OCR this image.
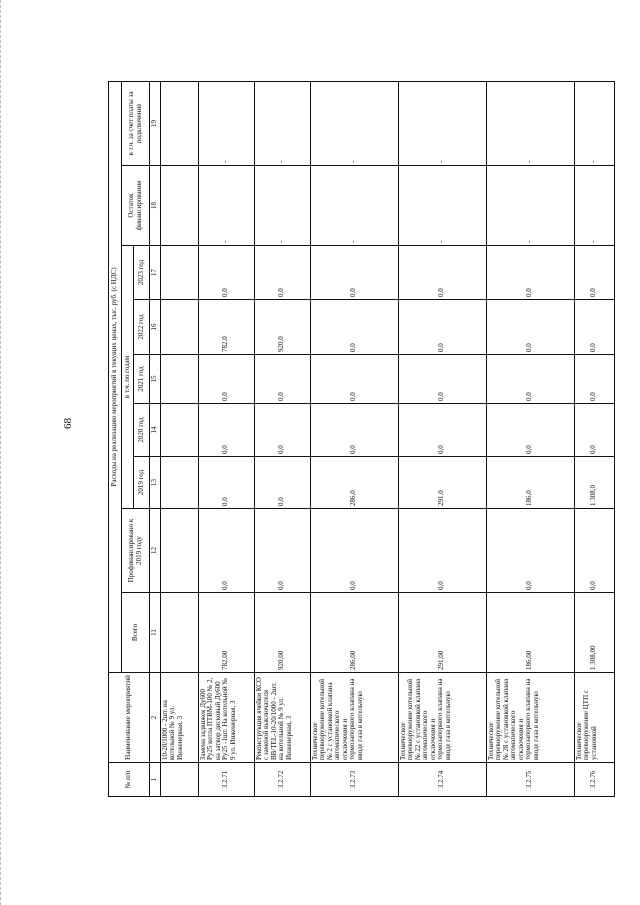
68
№ п/п	Наименование мероприятий	Расходы на реализацию мероприятий в текущих ценах, тыс. руб. (с НДС)								
		Всего	Профинансировано к 2019 году	в т.ч. по годам					Остаток финансирования	в т.ч. за счет платы за подключение
				2019 год	2020 год	2021 год	2022 год	2023 год		
1	2	11	12	13	14	15	16	17	18	19
	10-20/1000 - 2шт. на котельной № 9 ул. Инженерная, 3									
3.2.71	Замена задвижек Ду600 Ру25 котла ПТВМ-100 № 2, на затвор дисковый Ду600 Ру25 -1шт. На котельной № 9 ул. Инженерная, 3	782,00	0,0	0,0	0,0	0,0	782,0	0,0	-	-
3.2.72	Реконструкция ячейки КСО с заменой выключателя ВВ/TEL-10-20/1000 - 2шт. на котельной № 9 ул. Инженерная, 3	920,00	0,0	0,0	0,0	0,0	920,0	0,0	-	-
3.2.73	Техническое перевооружение котельной № 2 с установкой клапана автоматического отключения и термозапорного клапана на вводе газа в котельную	286,00	0,0	286,0	0,0	0,0	0,0	0,0	-	-
3.2.74	Техническое перевооружение котельной № 22 с установкой клапана автоматического отключения и термозапорного клапана на вводе газа в котельную	291,00	0,0	291,0	0,0	0,0	0,0	0,0	-	-
3.2.75	Техническое перевооружение котельной № 28 с установкой клапана автоматического отключения и термозапорного клапана на вводе газа в котельную	186,00	0,0	186,0	0,0	0,0	0,0	0,0	-	-
3.2.76	Техническое перевооружение ЦТП с установкой	1 308,00	0,0	1 308,0	0,0	0,0	0,0	0,0	-	-
